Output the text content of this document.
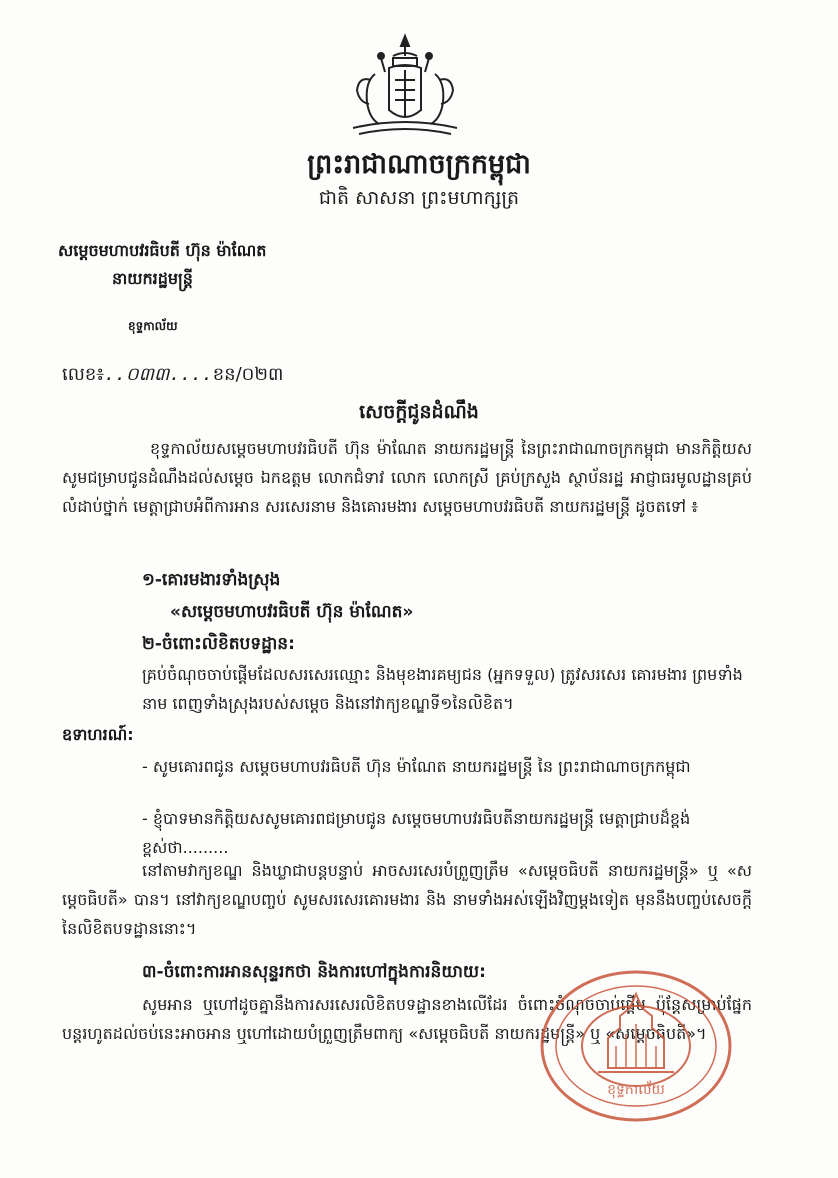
ព្រះរាជាណាចក្រកម្ពុជា
ជាតិ សាសនា ព្រះមហាក្សត្រ
សម្តេចមហាបវរធិបតី ហ៊ុន ម៉ាណែត
នាយករដ្ឋមន្ត្រី
ខុទ្ទកាល័យ
លេខ៖..០៣៣....ខន/០២៣
សេចក្តីជូនដំណឹង
ខុទ្ទកាល័យសម្តេចមហាបវរធិបតី ហ៊ុន ម៉ាណែត នាយករដ្ឋមន្ត្រី នៃព្រះរាជាណាចក្រកម្ពុជា មានកិត្តិយសសូមជម្រាបជូនដំណឹងដល់សម្តេច ឯកឧត្តម លោកជំទាវ លោក លោកស្រី គ្រប់ក្រសួង ស្ថាប័នរដ្ឋ អាជ្ញាធរមូលដ្ឋានគ្រប់លំដាប់ថ្នាក់ មេត្តាជ្រាបអំពីការអាន សរសេរនាម និងគោរមងារ សម្តេចមហាបវរធិបតី នាយករដ្ឋមន្ត្រី ដូចតទៅ ៖
១-គោរមងារទាំងស្រុង
«សម្តេចមហាបវរធិបតី ហ៊ុន ម៉ាណែត»
២-ចំពោះលិខិតបទដ្ឋាន:
គ្រប់ចំណុចចាប់ផ្តើមដែលសរសេរឈ្មោះ និងមុខងារគម្យជន (អ្នកទទួល) ត្រូវសរសេរ គោរមងារ ព្រមទាំងនាម ពេញទាំងស្រុងរបស់សម្តេច និងនៅវាក្យខណ្ឌទី១នៃលិខិត។
ឧទាហរណ៍:
- សូមគោរពជូន សម្តេចមហាបវរធិបតី ហ៊ុន ម៉ាណែត នាយករដ្ឋមន្ត្រី នៃ ព្រះរាជាណាចក្រកម្ពុជា
- ខ្ញុំបាទមានកិត្តិយសសូមគោរពជម្រាបជូន សម្តេចមហាបវរធិបតីនាយករដ្ឋមន្ត្រី មេត្តាជ្រាបដ៏ខ្ពង់ខ្ពស់ថា.........
នៅតាមវាក្យខណ្ឌ និងឃ្លាជាបន្តបន្ទាប់ អាចសរសេរបំព្រួញត្រឹម «សម្តេចធិបតី នាយករដ្ឋមន្ត្រី» ឬ «សម្តេចធិបតី» បាន។ នៅវាក្យខណ្ឌបញ្ចប់ សូមសរសេរគោរមងារ និង នាមទាំងអស់ឡើងវិញម្តងទៀត មុននឹងបញ្ចប់សេចក្តីនៃលិខិតបទដ្ឋាននោះ។
៣-ចំពោះការអានសុន្ទរកថា និងការហៅក្នុងការនិយាយ:
សូមអាន ឬហៅដូចគ្នានឹងការសរសេរលិខិតបទដ្ឋានខាងលើដែរ ចំពោះចំណុចចាប់ផ្តើម ប៉ុន្តែសម្រាប់ផ្នែកបន្តរហូតដល់ចប់នេះអាចអាន ឬហៅដោយបំព្រួញត្រឹមពាក្យ «សម្តេចធិបតី នាយករដ្ឋមន្ត្រី» ឬ «សម្តេចធិបតី»។
ខុទ្ទកាល័យ
